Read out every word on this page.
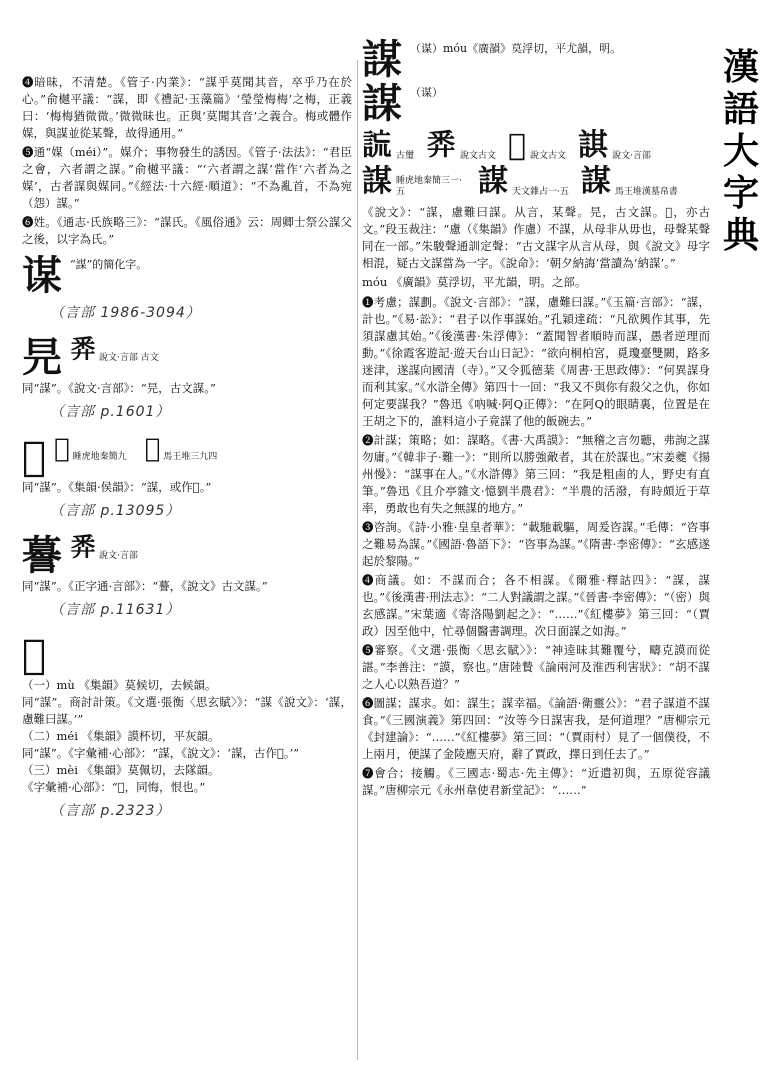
漢
語
大
字
典

❹暗昧，不清楚。《管子·内業》：“謀乎莫聞其音，卒乎乃在於心。”俞樾平議：“謀，即《禮記·玉藻篇》‘瑩瑩梅梅’之梅，正義曰：‘梅梅猶微微。’微微昧也。正與‘莫聞其音’之義合。梅或體作媒，與謀並從某聲，故得通用。”

❺通“媒（méi）”。媒介；事物發生的誘因。《管子·法法》：“君臣之會，六者謂之謀。”俞樾平議：“‘六者謂之謀’當作‘六者為之媒’，古者謀與媒同。”《經法·十六經·順道》：“不為亂首，不為宛（怨）謀。”

❻姓。《通志·氏族略三》：“謀氏。《風俗通》云：周卿士祭公謀父之後，以字為氏。”

谋 “謀”的簡化字。
（言部 1986-3094）
㫕 𢍏 說文·言部 古文

同“謀”。《說文·言部》：“㫕，古文謀。”

（言部 p.1601）
𢘙 𢘙 睡虎地秦簡九 𢘙 馬王堆三九四

同“謀”。《集韻·侯韻》：“謀，或作𢘙。”

（言部 p.13095）
謩 𢍏 說文·言部

同“謀”。《正字通·言部》：“謩，《說文》古文謀。”

（言部 p.11631）
𢘞

（一）mù 《集韻》莫候切，去候韻。
同“謀”。商討計策。《文選·張衡〈思玄賦〉》：“謀《說文》：‘謀，慮難曰謀。’”
（二）méi 《集韻》謨杯切，平灰韻。
同“謀”。《字彙補·心部》：“謀，《說文》：‘謀，古作𢘞。’”
（三）mèi 《集韻》莫佩切，去隊韻。
《字彙補·心部》：“𢘞，同悔，恨也。”

（言部 p.2323）
謀 （谋）móu《廣韻》莫浮切，平尤韻，明。
謀 （谋）
𧧢 古璽 𢍏 說文古文 𢘙 說文古文 諆 說文·言部
謀 睡虎地秦簡三一·五	謀 天文雜占一·五 謀 馬王堆漢墓帛書

《說文》：“謀，慮難曰謀。从言，某聲。㫕，古文謀。𢘙，亦古文。”段玉裁注：“慮（《集韻》作慮）不謀，从母非从毋也，母聲某聲同在一部。”朱駿聲通訓定聲：“古文謀字从言从母，與《說文》母字相混，疑古文謀當為一字。《說命》：‘朝夕納誨’當讀為‘納謀’。”

móu 《廣韻》莫浮切，平尤韻，明。之部。

❶考慮；謀劃。《說文·言部》：“謀，慮難曰謀。”《玉篇·言部》：“謀，計也。”《易·訟》：“君子以作事謀始。”孔穎達疏：“凡欲興作其事，先須謀慮其始。”《後漢書·朱浮傳》：“蓋聞智者順時而謀，愚者逆理而動。”《徐霞客遊記·遊天台山日記》：“欲向桐柏宮，覓瓊臺雙闕，路多迷津，遂謀向國清（寺）。”又令狐德棻《周書·王思政傳》：“何異謀身而利其家。”《水滸全傳》第四十一回：“我又不與你有殺父之仇，你如何定要謀我？”魯迅《吶喊·阿Q正傳》：“在阿Q的眼睛裏，位置是在王胡之下的，誰料這小子竟謀了他的飯碗去。”

❷計謀；策略；如：謀略。《書·大禹謨》：“無稽之言勿聽，弗詢之謀勿庸。”《韓非子·難一》：“則所以勝強敵者，其在於謀也。”宋姜夔《揚州慢》：“謀事在人。”《水滸傳》第三回：“我是粗鹵的人，野史有直筆。”魯迅《且介亭雜文·憶劉半農君》：“半農的活潑，有時頗近于草率，勇敢也有失之無謀的地方。”

❸咨詢。《詩·小雅·皇皇者華》：“載馳載驅，周爰咨謀。”毛傳：“咨事之難易為謀。”《國語·魯語下》：“咨事為謀。”《隋書·李密傳》：“玄感遂起於黎陽。”

❹商議。如：不謀而合；各不相謀。《爾雅·釋詁四》：“謀，謀也。”《後漢書·刑法志》：“二人對議謂之謀。”《晉書·李密傳》：“（密）與玄感謀。”宋葉適《寄洛陽劉起之》：“……”《紅樓夢》第三回：“（賈政）因至他中，忙尋個醫書調理。次日面謀之如海。”

❺審察。《文選·張衡〈思玄賦〉》：“神逵昧其難覆兮，疇克謨而從諶。”李善注：“謨，察也。”唐陸贄《論兩河及淮西利害狀》：“胡不謀之人心以熟吾道？”

❻圖謀；謀求。如：謀生；謀幸福。《論語·衛靈公》：“君子謀道不謀食。”《三國演義》第四回：“汝等今日謀害我，是何道理？”唐柳宗元《封建論》：“……”《紅樓夢》第三回：“（賈雨村）見了一個僕役，不上兩月，便謀了金陵應天府，辭了賈政，擇日到任去了。”

❼會合；接觸。《三國志·蜀志·先主傳》：“近遣初與，五原從容議謀。”唐柳宗元《永州韋使君新堂記》：“……”
